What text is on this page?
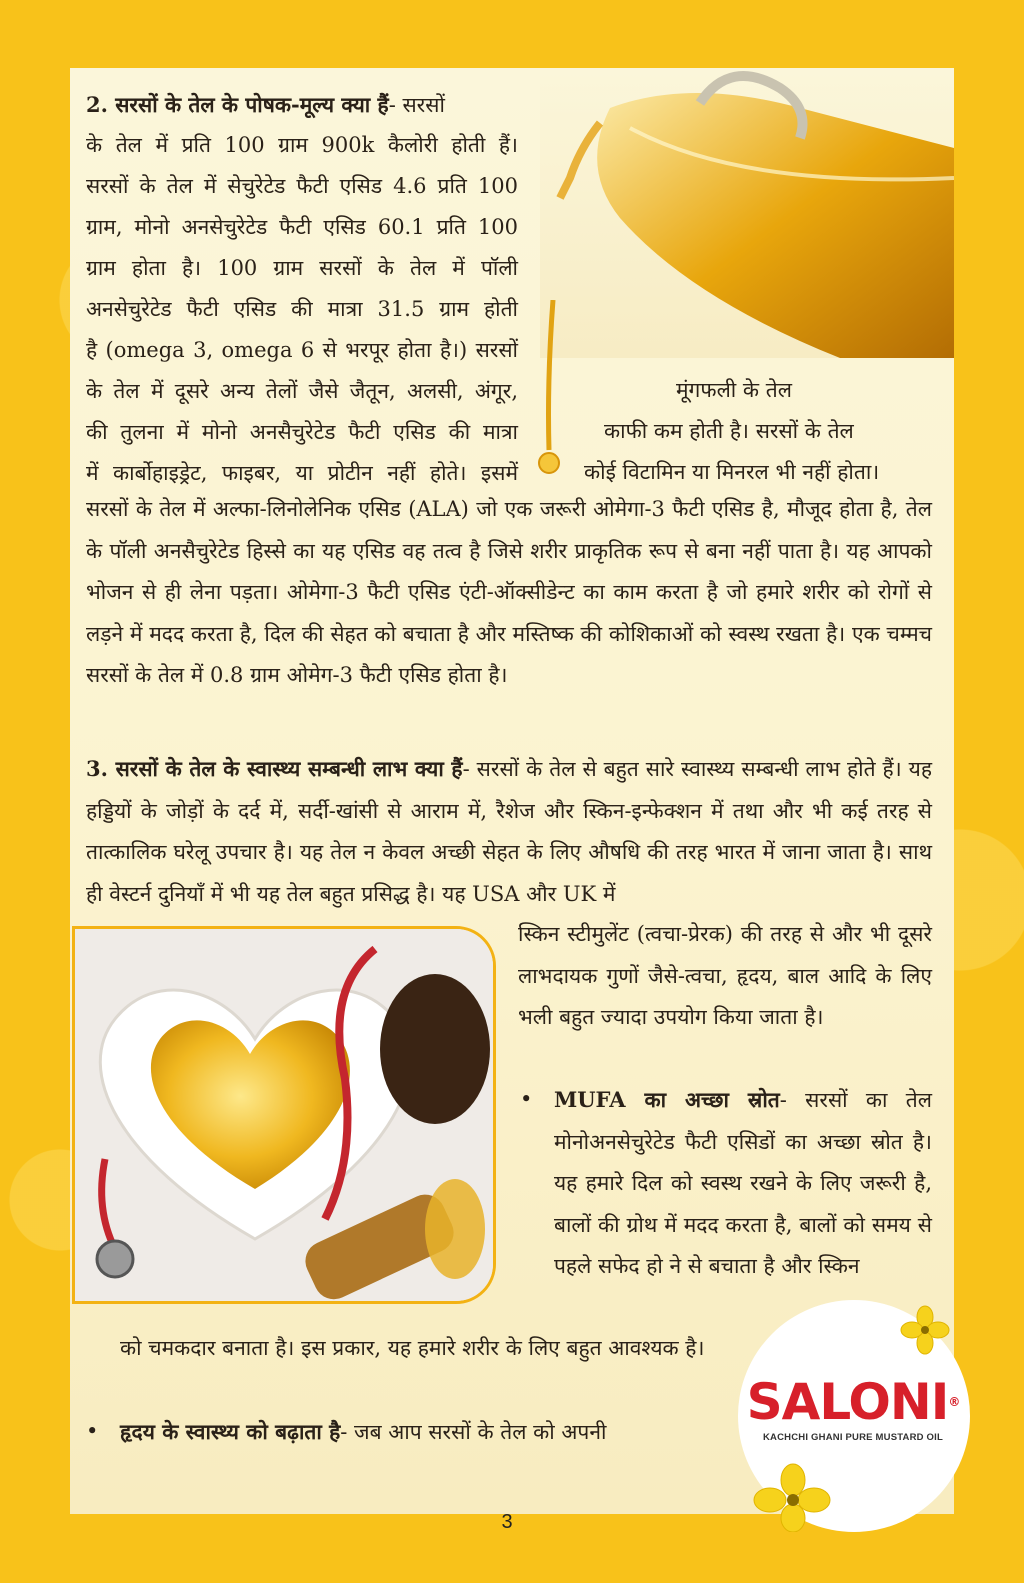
2. सरसों के तेल के पोषक-मूल्य क्या हैं- सरसों

के तेल में प्रति 100 ग्राम 900k कैलोरी होती हैं।

सरसों के तेल में सेचुरेटेड फैटी एसिड 4.6 प्रति 100

ग्राम, मोनो अनसेचुरेटेड फैटी एसिड 60.1 प्रति 100

ग्राम होता है। 100 ग्राम सरसों के तेल में पॉली

अनसेचुरेटेड फैटी एसिड की मात्रा 31.5 ग्राम होती

है (omega 3, omega 6 से भरपूर होता है।) सरसों

के तेल में दूसरे अन्य तेलों जैसे जैतून, अलसी, अंगूर,

की तुलना में मोनो अनसैचुरेटेड फैटी एसिड की मात्रा

में कार्बोहाइड्रेट, फाइबर, या प्रोटीन नहीं होते। इसमें

मूंगफली के तेल

काफी कम होती है। सरसों के तेल

कोई विटामिन या मिनरल भी नहीं होता।

सरसों के तेल में अल्फा-लिनोलेनिक एसिड (ALA) जो एक जरूरी ओमेगा-3 फैटी एसिड है, मौजूद होता है, तेल के पॉली अनसैचुरेटेड हिस्से का यह एसिड वह तत्व है जिसे शरीर प्राकृतिक रूप से बना नहीं पाता है। यह आपको भोजन से ही लेना पड़ता। ओमेगा-3 फैटी एसिड एंटी-ऑक्सीडेन्ट का काम करता है जो हमारे शरीर को रोगों से लड़ने में मदद करता है, दिल की सेहत को बचाता है और मस्तिष्क की कोशिकाओं को स्वस्थ रखता है। एक चम्मच सरसों के तेल में 0.8 ग्राम ओमेग-3 फैटी एसिड होता है।

3. सरसों के तेल के स्वास्थ्य सम्बन्धी लाभ क्या हैं- सरसों के तेल से बहुत सारे स्वास्थ्य सम्बन्धी लाभ होते हैं। यह हड्डियों के जोड़ों के दर्द में, सर्दी-खांसी से आराम में, रैशेज और स्किन-इन्फेक्शन में तथा और भी कई तरह से तात्कालिक घरेलू उपचार है। यह तेल न केवल अच्छी सेहत के लिए औषधि की तरह भारत में जाना जाता है। साथ ही वेस्टर्न दुनियाँ में भी यह तेल बहुत प्रसिद्ध है। यह USA और UK में

स्किन स्टीमुलेंट (त्वचा-प्रेरक) की तरह से और भी दूसरे लाभदायक गुणों जैसे-त्वचा, हृदय, बाल आदि के लिए भली बहुत ज्यादा उपयोग किया जाता है।

• MUFA का अच्छा स्रोत- सरसों का तेल मोनोअनसेचुरेटेड फैटी एसिडों का अच्छा स्रोत है। यह हमारे दिल को स्वस्थ रखने के लिए जरूरी है, बालों की ग्रोथ में मदद करता है, बालों को समय से पहले सफेद हो ने से बचाता है और स्किन

को चमकदार बनाता है। इस प्रकार, यह हमारे शरीर के लिए बहुत आवश्यक है।

• हृदय के स्वास्थ्य को बढ़ाता है- जब आप सरसों के तेल को अपनी

SALONI®
KACHCHI GHANI PURE MUSTARD OIL
3
